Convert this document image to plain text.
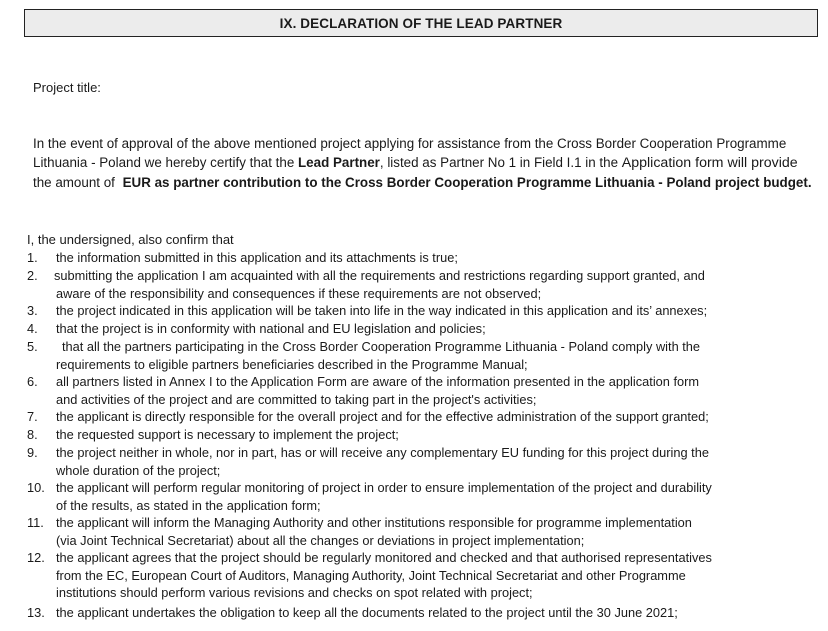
IX. DECLARATION OF THE LEAD PARTNER
Project title:
In the event of approval of the above mentioned project applying for assistance from the Cross Border Cooperation Programme Lithuania - Poland we hereby certify that the Lead Partner, listed as Partner No 1 in Field I.1 in the Application form will provide
the amount of EUR as partner contribution to the Cross Border Cooperation Programme Lithuania - Poland project budget.
I, the undersigned, also confirm that
1. the information submitted in this application and its attachments is true;
2. submitting the application I am acquainted with all the requirements and restrictions regarding support granted, and
aware of the responsibility and consequences if these requirements are not observed;
3. the project indicated in this application will be taken into life in the way indicated in this application and its’ annexes;
4. that the project is in conformity with national and EU legislation and policies;
5. that all the partners participating in the Cross Border Cooperation Programme Lithuania - Poland comply with the
requirements to eligible partners beneficiaries described in the Programme Manual;
6. all partners listed in Annex I to the Application Form are aware of the information presented in the application form
and activities of the project and are committed to taking part in the project's activities;
7. the applicant is directly responsible for the overall project and for the effective administration of the support granted;
8. the requested support is necessary to implement the project;
9. the project neither in whole, nor in part, has or will receive any complementary EU funding for this project during the
whole duration of the project;
10. the applicant will perform regular monitoring of project in order to ensure implementation of the project and durability
of the results, as stated in the application form;
11. the applicant will inform the Managing Authority and other institutions responsible for programme implementation
(via Joint Technical Secretariat) about all the changes or deviations in project implementation;
12. the applicant agrees that the project should be regularly monitored and checked and that authorised representatives
from the EC, European Court of Auditors, Managing Authority, Joint Technical Secretariat and other Programme
institutions should perform various revisions and checks on spot related with project;
13. the applicant undertakes the obligation to keep all the documents related to the project until the 30 June 2021;
